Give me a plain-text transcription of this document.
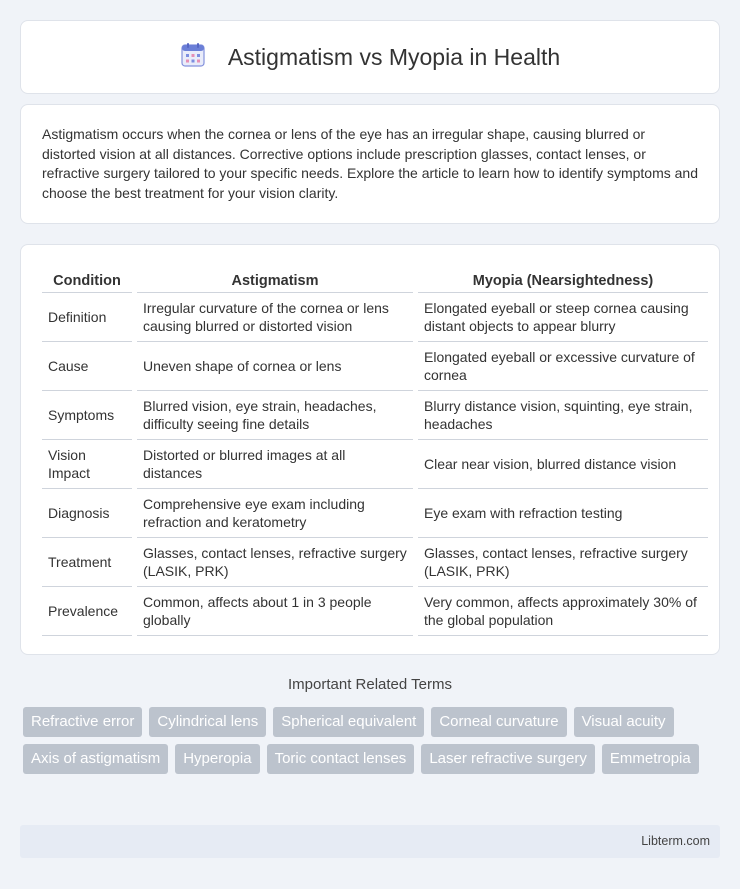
Astigmatism vs Myopia in Health

Astigmatism occurs when the cornea or lens of the eye has an irregular shape, causing blurred or distorted vision at all distances. Corrective options include prescription glasses, contact lenses, or refractive surgery tailored to your specific needs. Explore the article to learn how to identify symptoms and choose the best treatment for your vision clarity.

Condition	Astigmatism	Myopia (Nearsightedness)
Definition	Irregular curvature of the cornea or lens causing blurred or distorted vision	Elongated eyeball or steep cornea causing distant objects to appear blurry
Cause	Uneven shape of cornea or lens	Elongated eyeball or excessive curvature of cornea
Symptoms	Blurred vision, eye strain, headaches, difficulty seeing fine details	Blurry distance vision, squinting, eye strain, headaches
Vision Impact	Distorted or blurred images at all distances	Clear near vision, blurred distance vision
Diagnosis	Comprehensive eye exam including refraction and keratometry	Eye exam with refraction testing
Treatment	Glasses, contact lenses, refractive surgery (LASIK, PRK)	Glasses, contact lenses, refractive surgery (LASIK, PRK)
Prevalence	Common, affects about 1 in 3 people globally	Very common, affects approximately 30% of the global population
Important Related Terms
Refractive error	Cylindrical lens	Spherical equivalent	Corneal curvature	Visual acuity
Axis of astigmatism	Hyperopia	Toric contact lenses	Laser refractive surgery	Emmetropia
Libterm.com
